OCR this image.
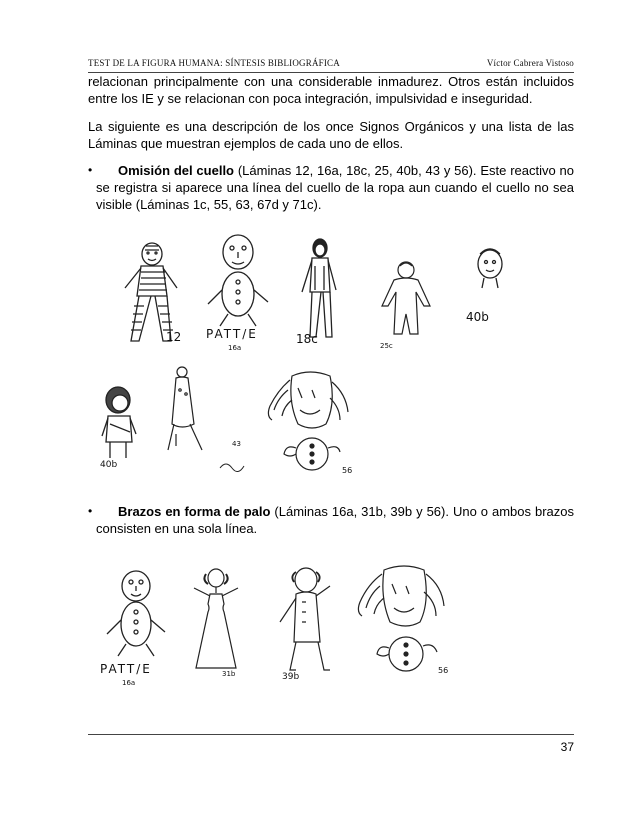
TEST DE LA FIGURA HUMANA: SÍNTESIS BIBLIOGRÁFICA	Víctor Cabrera Vistoso

relacionan principalmente con una considerable inmadurez. Otros están incluidos entre los IE y se relacionan con poca integración, impulsividad e inseguridad.

La siguiente es una descripción de los once Signos Orgánicos y una lista de las Láminas que muestran ejemplos de cada uno de ellos.

•	Omisión del cuello (Láminas 12, 16a, 18c, 25, 40b, 43 y 56). Este reactivo no se registra si aparece una línea del cuello de la ropa aun cuando el cuello no sea visible (Láminas 1c, 55, 63, 67d y 71c).
12 PATT/E
16a
18c	25c
40b
40b
43
56
•	Brazos en forma de palo (Láminas 16a, 31b, 39b y 56). Uno o ambos brazos consisten en una sola línea.
PATT/E
16a
31b	39b
56
37
